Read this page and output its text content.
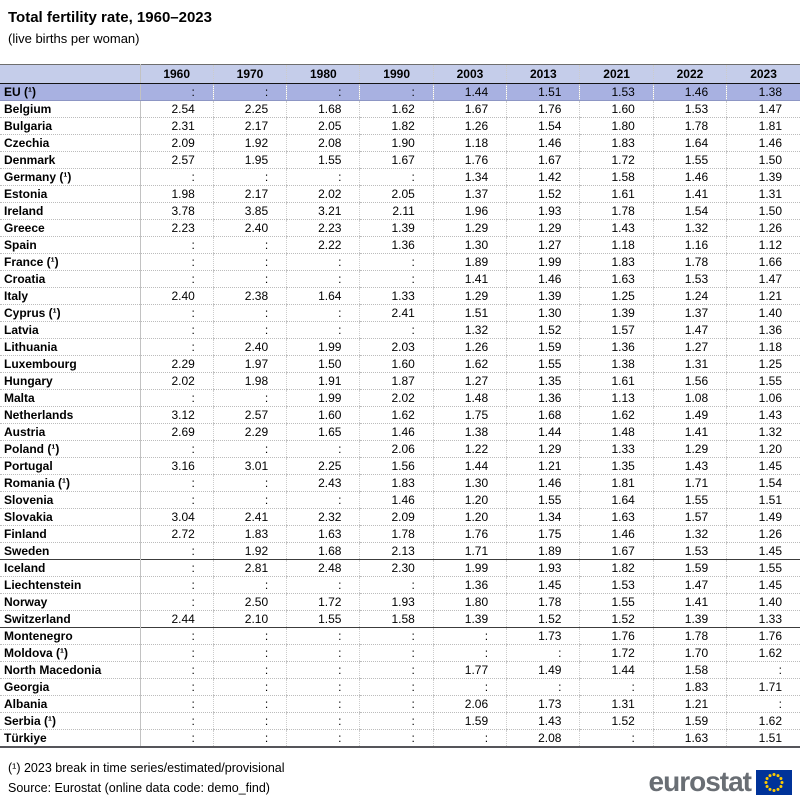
Total fertility rate, 1960–2023

(live births per woman)

	1960	1970	1980	1990	2003	2013	2021	2022	2023
EU (¹)	:	:	:	:	1.44	1.51	1.53	1.46	1.38
Belgium	2.54	2.25	1.68	1.62	1.67	1.76	1.60	1.53	1.47
Bulgaria	2.31	2.17	2.05	1.82	1.26	1.54	1.80	1.78	1.81
Czechia	2.09	1.92	2.08	1.90	1.18	1.46	1.83	1.64	1.46
Denmark	2.57	1.95	1.55	1.67	1.76	1.67	1.72	1.55	1.50
Germany (¹)	:	:	:	:	1.34	1.42	1.58	1.46	1.39
Estonia	1.98	2.17	2.02	2.05	1.37	1.52	1.61	1.41	1.31
Ireland	3.78	3.85	3.21	2.11	1.96	1.93	1.78	1.54	1.50
Greece	2.23	2.40	2.23	1.39	1.29	1.29	1.43	1.32	1.26
Spain	:	:	2.22	1.36	1.30	1.27	1.18	1.16	1.12
France (¹)	:	:	:	:	1.89	1.99	1.83	1.78	1.66
Croatia	:	:	:	:	1.41	1.46	1.63	1.53	1.47
Italy	2.40	2.38	1.64	1.33	1.29	1.39	1.25	1.24	1.21
Cyprus (¹)	:	:	:	2.41	1.51	1.30	1.39	1.37	1.40
Latvia	:	:	:	:	1.32	1.52	1.57	1.47	1.36
Lithuania	:	2.40	1.99	2.03	1.26	1.59	1.36	1.27	1.18
Luxembourg	2.29	1.97	1.50	1.60	1.62	1.55	1.38	1.31	1.25
Hungary	2.02	1.98	1.91	1.87	1.27	1.35	1.61	1.56	1.55
Malta	:	:	1.99	2.02	1.48	1.36	1.13	1.08	1.06
Netherlands	3.12	2.57	1.60	1.62	1.75	1.68	1.62	1.49	1.43
Austria	2.69	2.29	1.65	1.46	1.38	1.44	1.48	1.41	1.32
Poland (¹)	:	:	:	2.06	1.22	1.29	1.33	1.29	1.20
Portugal	3.16	3.01	2.25	1.56	1.44	1.21	1.35	1.43	1.45
Romania (¹)	:	:	2.43	1.83	1.30	1.46	1.81	1.71	1.54
Slovenia	:	:	:	1.46	1.20	1.55	1.64	1.55	1.51
Slovakia	3.04	2.41	2.32	2.09	1.20	1.34	1.63	1.57	1.49
Finland	2.72	1.83	1.63	1.78	1.76	1.75	1.46	1.32	1.26
Sweden	:	1.92	1.68	2.13	1.71	1.89	1.67	1.53	1.45
Iceland	:	2.81	2.48	2.30	1.99	1.93	1.82	1.59	1.55
Liechtenstein	:	:	:	:	1.36	1.45	1.53	1.47	1.45
Norway	:	2.50	1.72	1.93	1.80	1.78	1.55	1.41	1.40
Switzerland	2.44	2.10	1.55	1.58	1.39	1.52	1.52	1.39	1.33
Montenegro	:	:	:	:	:	1.73	1.76	1.78	1.76
Moldova (¹)	:	:	:	:	:	:	1.72	1.70	1.62
North Macedonia	:	:	:	:	1.77	1.49	1.44	1.58	:
Georgia	:	:	:	:	:	:	:	1.83	1.71
Albania	:	:	:	:	2.06	1.73	1.31	1.21	:
Serbia (¹)	:	:	:	:	1.59	1.43	1.52	1.59	1.62
Türkiye	:	:	:	:	:	2.08	:	1.63	1.51
(¹) 2023 break in time series/estimated/provisional
Source: Eurostat (online data code: demo_find)	eurostat
